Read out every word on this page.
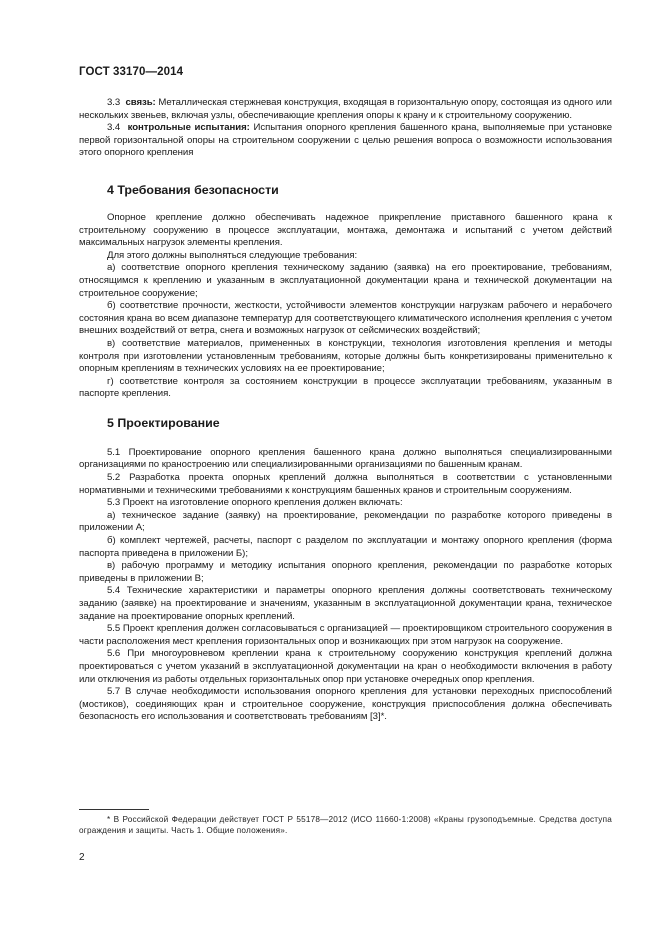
ГОСТ 33170—2014

3.3 связь: Металлическая стержневая конструкция, входящая в горизонтальную опору, состоящая из одного или нескольких звеньев, включая узлы, обеспечивающие крепления опоры к крану и к строительному сооружению.

3.4 контрольные испытания: Испытания опорного крепления башенного крана, выполняемые при установке первой горизонтальной опоры на строительном сооружении с целью решения вопроса о возможности использования этого опорного крепления

4 Требования безопасности

Опорное крепление должно обеспечивать надежное прикрепление приставного башенного крана к строительному сооружению в процессе эксплуатации, монтажа, демонтажа и испытаний с учетом действий максимальных нагрузок элементы крепления.

Для этого должны выполняться следующие требования:

а) соответствие опорного крепления техническому заданию (заявка) на его проектирование, требованиям, относящимся к креплению и указанным в эксплуатационной документации крана и технической документации на строительное сооружение;

б) соответствие прочности, жесткости, устойчивости элементов конструкции нагрузкам рабочего и нерабочего состояния крана во всем диапазоне температур для соответствующего климатического исполнения крепления с учетом внешних воздействий от ветра, снега и возможных нагрузок от сейсмических воздействий;

в) соответствие материалов, примененных в конструкции, технология изготовления крепления и методы контроля при изготовлении установленным требованиям, которые должны быть конкретизированы применительно к опорным креплениям в технических условиях на ее проектирование;

г) соответствие контроля за состоянием конструкции в процессе эксплуатации требованиям, указанным в паспорте крепления.

5 Проектирование

5.1 Проектирование опорного крепления башенного крана должно выполняться специализированными организациями по краностроению или специализированными организациями по башенным кранам.

5.2 Разработка проекта опорных креплений должна выполняться в соответствии с установленными нормативными и техническими требованиями к конструкциям башенных кранов и строительным сооружениям.

5.3 Проект на изготовление опорного крепления должен включать:

а) техническое задание (заявку) на проектирование, рекомендации по разработке которого приведены в приложении А;

б) комплект чертежей, расчеты, паспорт с разделом по эксплуатации и монтажу опорного крепления (форма паспорта приведена в приложении Б);

в) рабочую программу и методику испытания опорного крепления, рекомендации по разработке которых приведены в приложении В;

5.4 Технические характеристики и параметры опорного крепления должны соответствовать техническому заданию (заявке) на проектирование и значениям, указанным в эксплуатационной документации крана, техническое задание на проектирование опорных креплений.

5.5 Проект крепления должен согласовываться с организацией — проектировщиком строительного сооружения в части расположения мест крепления горизонтальных опор и возникающих при этом нагрузок на сооружение.

5.6 При многоуровневом креплении крана к строительному сооружению конструкция креплений должна проектироваться с учетом указаний в эксплуатационной документации на кран о необходимости включения в работу или отключения из работы отдельных горизонтальных опор при установке очередных опор крепления.

5.7 В случае необходимости использования опорного крепления для установки переходных приспособлений (мостиков), соединяющих кран и строительное сооружение, конструкция приспособления должна обеспечивать безопасность его использования и соответствовать требованиям [3]*.

* В Российской Федерации действует ГОСТ Р 55178—2012 (ИСО 11660-1:2008) «Краны грузоподъемные. Средства доступа ограждения и защиты. Часть 1. Общие положения».

2
